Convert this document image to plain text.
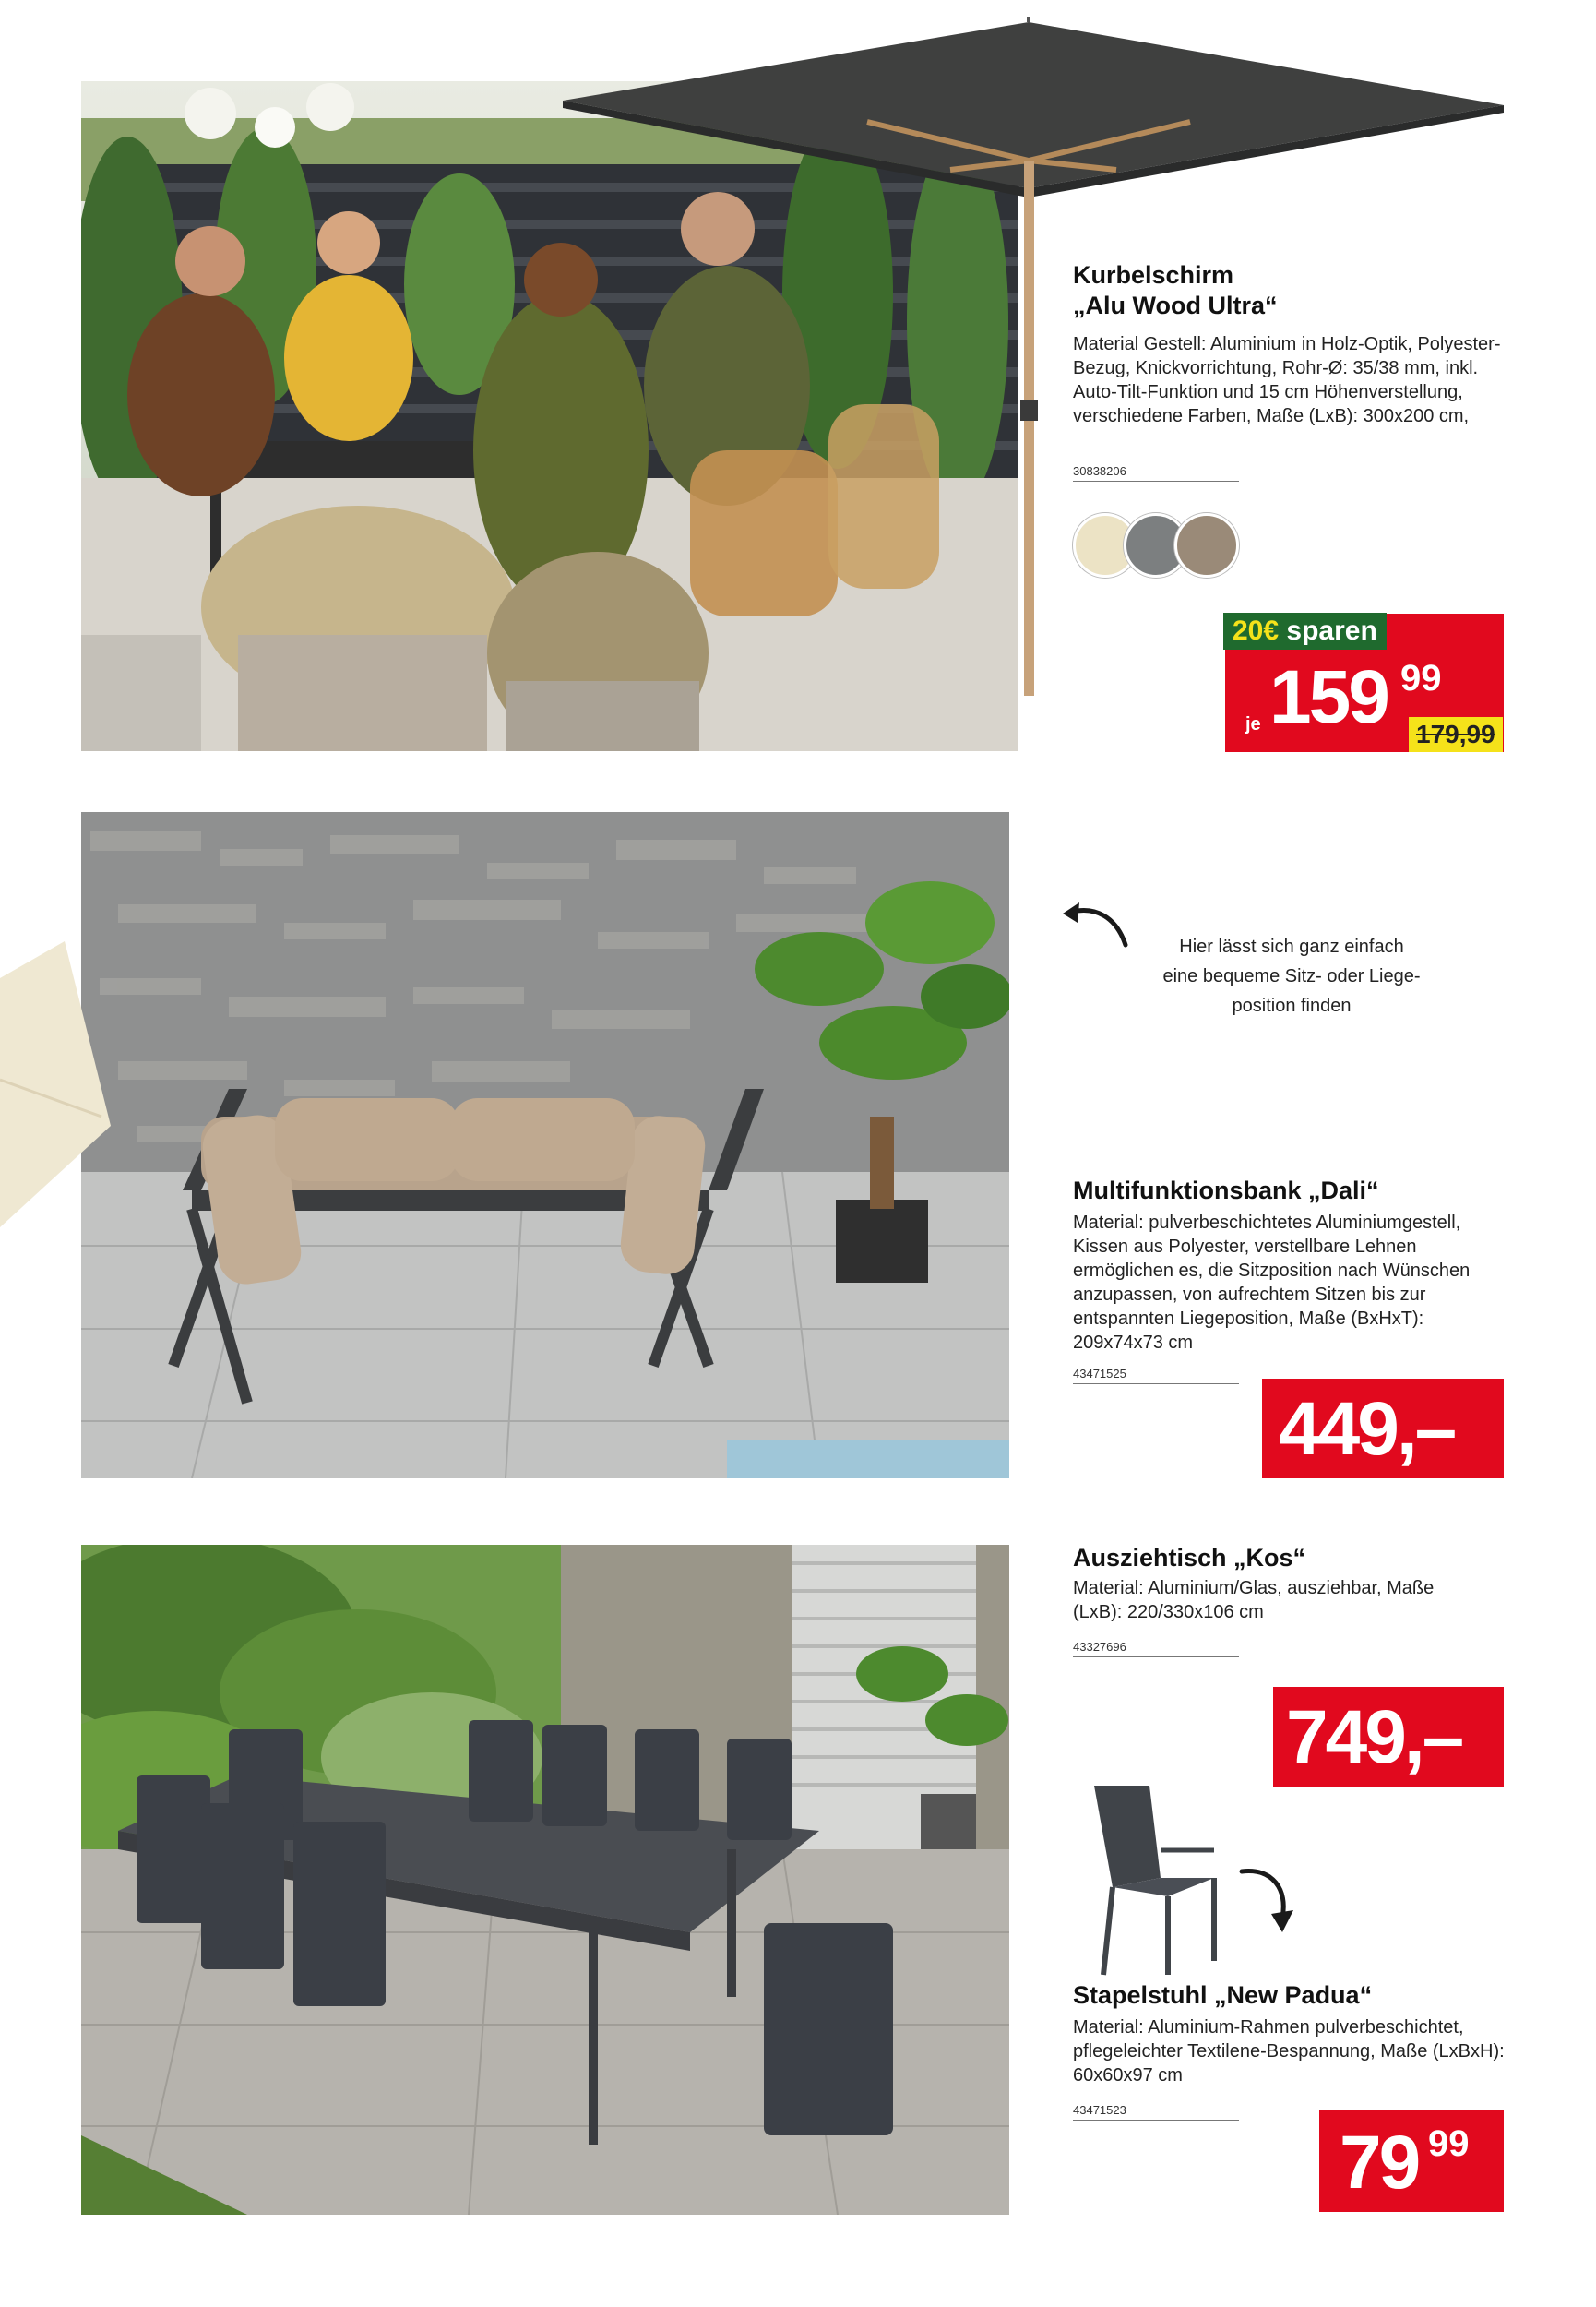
Kurbelschirm
„Alu Wood Ultra“
Material Gestell: Aluminium in Holz-Optik, Polyester-Bezug, Knickvorrichtung, Rohr-Ø: 35/38 mm, inkl. Auto-Tilt-Funktion und 15 cm Höhenverstellung, verschiedene Farben, Maße (LxB): 300x200 cm,
30838206
je 159 99
20€ sparen
179,99
Hier lässt sich ganz einfach
eine bequeme Sitz- oder Liege-
position finden
Multifunktionsbank „Dali“
Material: pulverbeschichtetes Aluminiumgestell, Kissen aus Polyester, verstellbare Lehnen ermöglichen es, die Sitzposition nach Wünschen anzupassen, von aufrechtem Sitzen bis zur entspannten Liegeposition, Maße (BxHxT): 209x74x73 cm
43471525
449,–
Ausziehtisch „Kos“
Material: Aluminium/Glas, ausziehbar, Maße (LxB): 220/330x106 cm
43327696
749,–
Stapelstuhl „New Padua“
Material: Aluminium-Rahmen pulverbeschichtet, pflegeleichter Textilene-Bespannung, Maße (LxBxH): 60x60x97 cm
43471523
79 99
